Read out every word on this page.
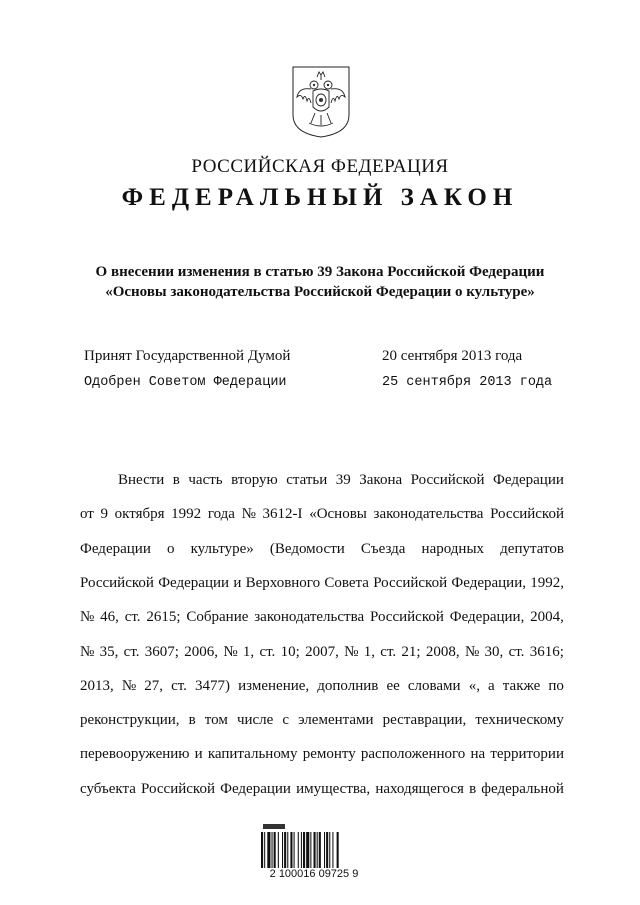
РОССИЙСКАЯ ФЕДЕРАЦИЯ
ФЕДЕРАЛЬНЫЙ ЗАКОН
О внесении изменения в статью 39 Закона Российской Федерации
«Основы законодательства Российской Федерации о культуре»
Принят Государственной Думой	20 сентября 2013 года
Одобрен Советом Федерации	25 сентября 2013 года
Внести в часть вторую статьи 39 Закона Российской Федерации
от 9 октября 1992 года № 3612-I «Основы законодательства Российской
Федерации о культуре» (Ведомости Съезда народных депутатов
Российской Федерации и Верховного Совета Российской Федерации, 1992,
№ 46, ст. 2615; Собрание законодательства Российской Федерации, 2004,
№ 35, ст. 3607; 2006, № 1, ст. 10; 2007, № 1, ст. 21; 2008, № 30, ст. 3616;
2013, № 27, ст. 3477) изменение, дополнив ее словами «, а также по
реконструкции, в том числе с элементами реставрации, техническому
перевооружению и капитальному ремонту расположенного на территории
субъекта Российской Федерации имущества, находящегося в федеральной
2 100016 09725 9
